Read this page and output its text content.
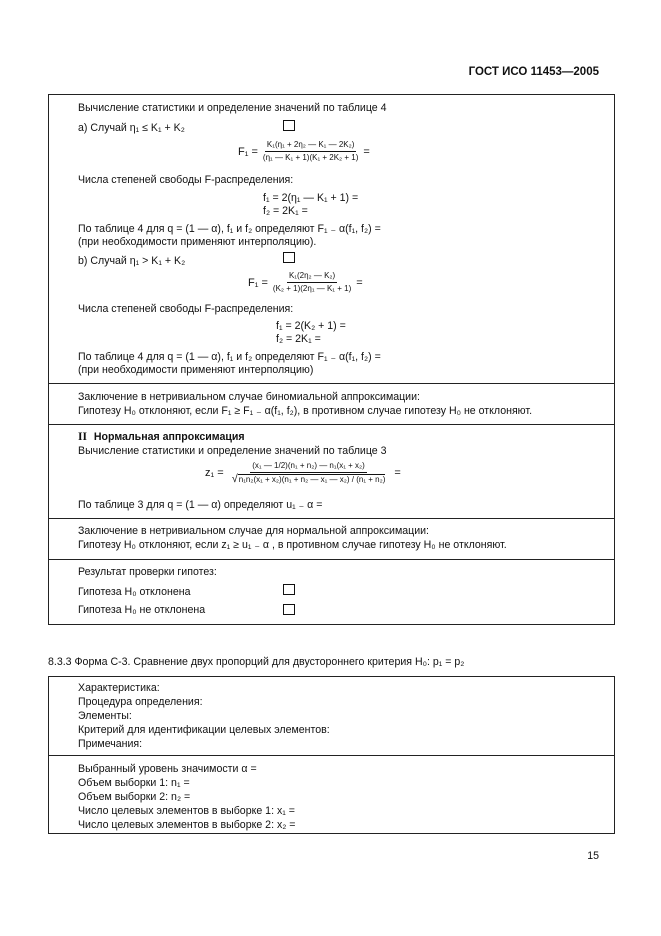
ГОСТ ИСО 11453—2005
Вычисление статистики и определение значений по таблице 4
a) Случай η₁ ≤ K₁ + K₂
$F_1 = \frac{\text{K₁(η₁ + 2η₂ — K₁ — 2K₂)}}{\text{(η₁ — K₁ + 1)(K₁ + 2K₂ + 1)}}$ =
Числа степеней свободы F-распределения:
f₁ = 2(η₁ — K₁ + 1) =
f₂ = 2K₁ =
По таблице 4 для q = (1 — α), f₁ и f₂ определяют F₁ ₋ α(f₁, f₂) =
(при необходимости применяют интерполяцию).
b) Случай η₁ > K₁ + K₂
$F_1 = \frac{\text{K₁(2η₂ — K₂)}}{\text{(K₂ + 1)(2η₁ — K₁ + 1)}}$ =
Числа степеней свободы F-распределения:
f₁ = 2(K₂ + 1) =
f₂ = 2K₁ =
По таблице 4 для q = (1 — α), f₁ и f₂ определяют F₁ ₋ α(f₁, f₂) =
(при необходимости применяют интерполяцию)
Заключение в нетривиальном случае биномиальной аппроксимации:
Гипотезу H₀ отклоняют, если F₁ ≥ F₁ ₋ α(f₁, f₂), в противном случае гипотезу H₀ не отклоняют.
II Нормальная аппроксимация
Вычисление статистики и определение значений по таблице 3
$z_1 = \frac{\text{(x₁ — 1/2)(n₁ + n₂) — n₁(x₁ + x₂)}}{\text{√n₁n₂(x₁ + x₂)(n₁ + n₂ — x₁ — x₂) / (n₁ + n₂)}}$ =
По таблице 3 для q = (1 — α) определяют u₁ ₋ α =
Заключение в нетривиальном случае для нормальной аппроксимации:
Гипотезу H₀ отклоняют, если z₁ ≥ u₁ ₋ α , в противном случае гипотезу H₀ не отклоняют.
Результат проверки гипотез:
Гипотеза H₀ отклонена
Гипотеза H₀ не отклонена
8.3.3 Форма С-3. Сравнение двух пропорций для двустороннего критерия H₀: p₁ = p₂
Характеристика:
Процедура определения:
Элементы:
Критерий для идентификации целевых элементов:
Примечания:
Выбранный уровень значимости α =
Объем выборки 1: n₁ =
Объем выборки 2: n₂ =
Число целевых элементов в выборке 1: x₁ =
Число целевых элементов в выборке 2: x₂ =
15
